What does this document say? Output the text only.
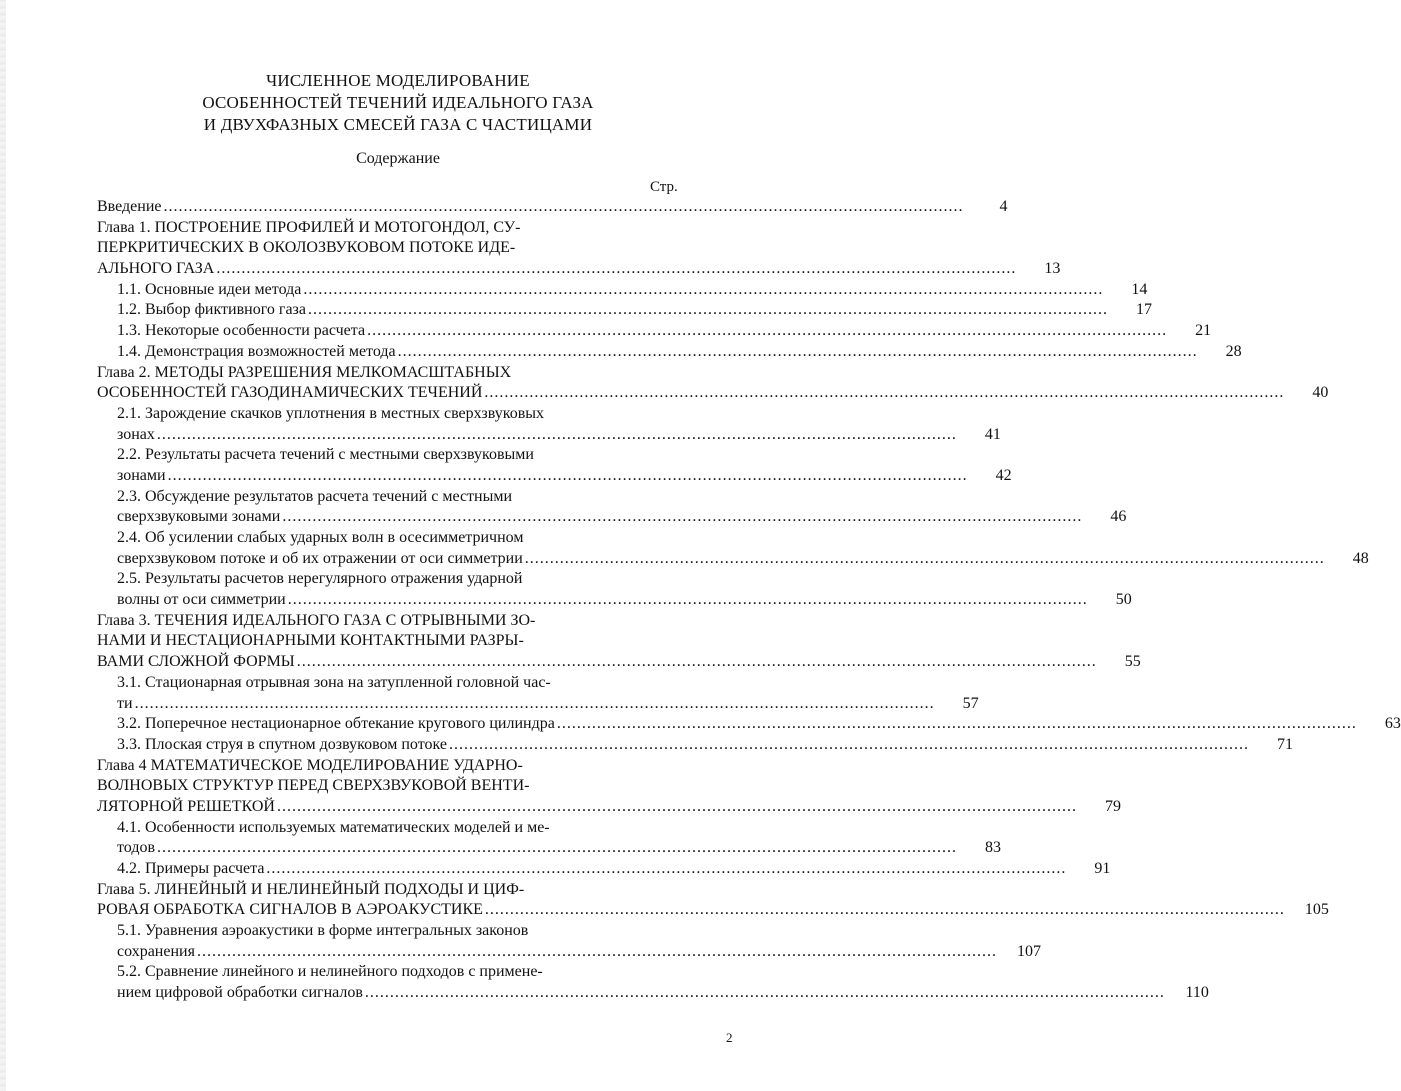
ЧИСЛЕННОЕ МОДЕЛИРОВАНИЕ
ОСОБЕННОСТЕЙ ТЕЧЕНИЙ ИДЕАЛЬНОГО ГАЗА
И ДВУХФАЗНЫХ СМЕСЕЙ ГАЗА С ЧАСТИЦАМИ
Содержание
Стр.
Введение ................................................................................................................................................................	4
Глава 1. ПОСТРОЕНИЕ ПРОФИЛЕЙ И МОТОГОНДОЛ, СУ-
ПЕРКРИТИЧЕСКИХ В ОКОЛОЗВУКОВОМ ПОТОКЕ ИДЕ-
АЛЬНОГО ГАЗА ................................................................................................................................................................	13
1.1. Основные идеи метода ................................................................................................................................................................	14
1.2. Выбор фиктивного газа ................................................................................................................................................................	17
1.3. Некоторые особенности расчета ................................................................................................................................................................	21
1.4. Демонстрация возможностей метода ................................................................................................................................................................	28
Глава 2. МЕТОДЫ РАЗРЕШЕНИЯ МЕЛКОМАСШТАБНЫХ
ОСОБЕННОСТЕЙ ГАЗОДИНАМИЧЕСКИХ ТЕЧЕНИЙ ................................................................................................................................................................	40
2.1. Зарождение скачков уплотнения в местных сверхзвуковых
зонах ................................................................................................................................................................	41
2.2. Результаты расчета течений с местными сверхзвуковыми
зонами ................................................................................................................................................................	42
2.3. Обсуждение результатов расчета течений с местными
сверхзвуковыми зонами ................................................................................................................................................................	46
2.4. Об усилении слабых ударных волн в осесимметричном
сверхзвуковом потоке и об их отражении от оси симметрии ................................................................................................................................................................	48
2.5. Результаты расчетов нерегулярного отражения ударной
волны от оси симметрии ................................................................................................................................................................	50
Глава 3. ТЕЧЕНИЯ ИДЕАЛЬНОГО ГАЗА С ОТРЫВНЫМИ ЗО-
НАМИ И НЕСТАЦИОНАРНЫМИ КОНТАКТНЫМИ РАЗРЫ-
ВАМИ СЛОЖНОЙ ФОРМЫ ................................................................................................................................................................	55
3.1. Стационарная отрывная зона на затупленной головной час-
ти ................................................................................................................................................................	57
3.2. Поперечное нестационарное обтекание кругового цилиндра ................................................................................................................................................................	63
3.3. Плоская струя в спутном дозвуковом потоке ................................................................................................................................................................	71
Глава 4 МАТЕМАТИЧЕСКОЕ МОДЕЛИРОВАНИЕ УДАРНО-
ВОЛНОВЫХ СТРУКТУР ПЕРЕД СВЕРХЗВУКОВОЙ ВЕНТИ-
ЛЯТОРНОЙ РЕШЕТКОЙ ................................................................................................................................................................	79
4.1. Особенности используемых математических моделей и ме-
тодов ................................................................................................................................................................	83
4.2. Примеры расчета ................................................................................................................................................................	91
Глава 5. ЛИНЕЙНЫЙ И НЕЛИНЕЙНЫЙ ПОДХОДЫ И ЦИФ-
РОВАЯ ОБРАБОТКА СИГНАЛОВ В АЭРОАКУСТИКЕ ................................................................................................................................................................	105
5.1. Уравнения аэроакустики в форме интегральных законов
сохранения ................................................................................................................................................................	107
5.2. Сравнение линейного и нелинейного подходов с примене-
нием цифровой обработки сигналов ................................................................................................................................................................	110
2
